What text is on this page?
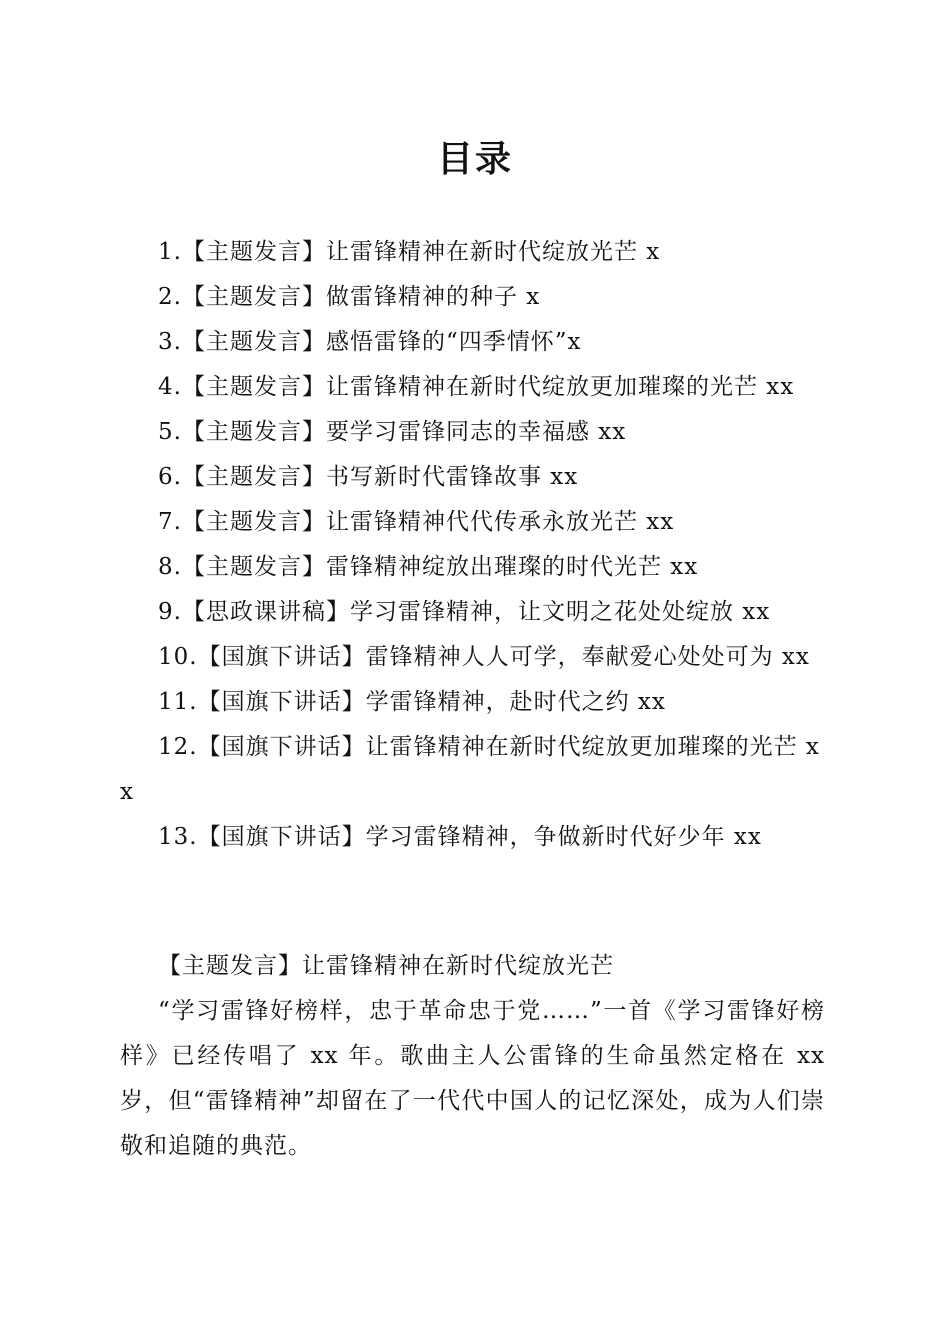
目录
1.【主题发言】让雷锋精神在新时代绽放光芒 x
2.【主题发言】做雷锋精神的种子 x
3.【主题发言】感悟雷锋的“四季情怀”x
4.【主题发言】让雷锋精神在新时代绽放更加璀璨的光芒 xx
5.【主题发言】要学习雷锋同志的幸福感 xx
6.【主题发言】书写新时代雷锋故事 xx
7.【主题发言】让雷锋精神代代传承永放光芒 xx
8.【主题发言】雷锋精神绽放出璀璨的时代光芒 xx
9.【思政课讲稿】学习雷锋精神，让文明之花处处绽放 xx
10.【国旗下讲话】雷锋精神人人可学，奉献爱心处处可为 xx
11.【国旗下讲话】学雷锋精神，赴时代之约 xx
12.【国旗下讲话】让雷锋精神在新时代绽放更加璀璨的光芒 xx
13.【国旗下讲话】学习雷锋精神，争做新时代好少年 xx
【主题发言】让雷锋精神在新时代绽放光芒
“学习雷锋好榜样，忠于革命忠于党……”一首《学习雷锋好榜样》已经传唱了 xx 年。歌曲主人公雷锋的生命虽然定格在 xx 岁，但“雷锋精神”却留在了一代代中国人的记忆深处，成为人们崇敬和追随的典范。
